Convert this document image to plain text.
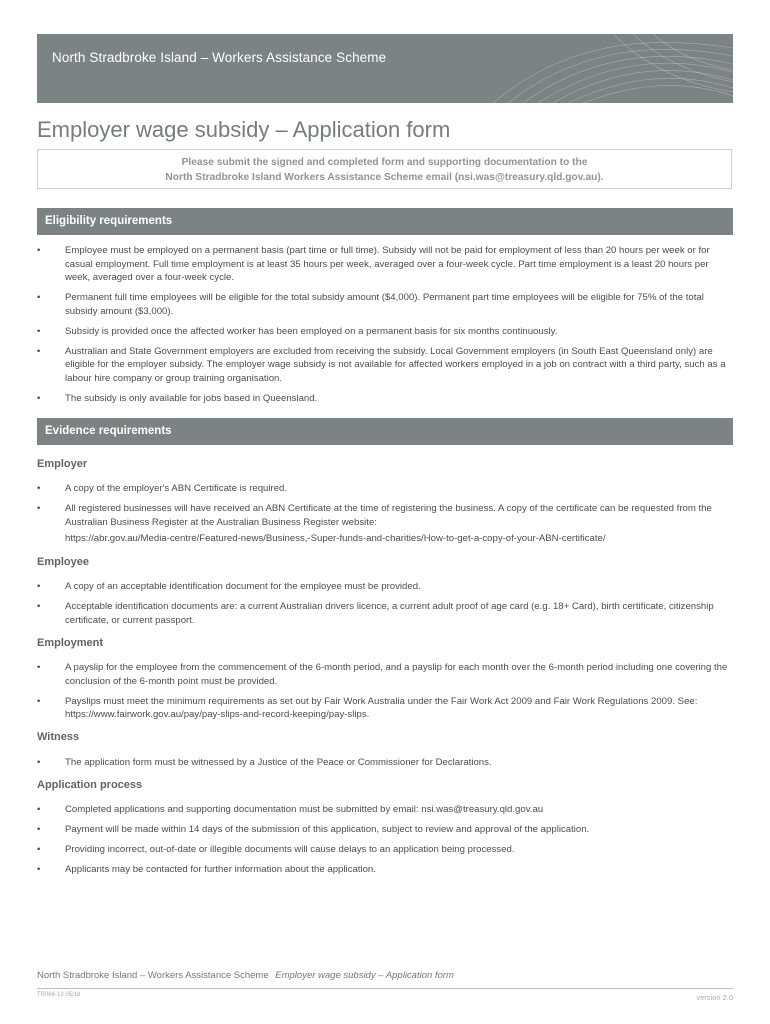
North Stradbroke Island – Workers Assistance Scheme
Employer wage subsidy – Application form
Please submit the signed and completed form and supporting documentation to the
North Stradbroke Island Workers Assistance Scheme email (nsi.was@treasury.qld.gov.au).
Eligibility requirements
• Employee must be employed on a permanent basis (part time or full time). Subsidy will not be paid for employment of less than 20 hours per week or for casual employment. Full time employment is at least 35 hours per week, averaged over a four-week cycle. Part time employment is a least 20 hours per week, averaged over a four-week cycle.
• Permanent full time employees will be eligible for the total subsidy amount ($4,000). Permanent part time employees will be eligible for 75% of the total subsidy amount ($3,000).
• Subsidy is provided once the affected worker has been employed on a permanent basis for six months continuously.
• Australian and State Government employers are excluded from receiving the subsidy. Local Government employers (in South East Queensland only) are eligible for the employer subsidy. The employer wage subsidy is not available for affected workers employed in a job on contract with a third party, such as a labour hire company or group training organisation.
• The subsidy is only available for jobs based in Queensland.
Evidence requirements
Employer
• A copy of the employer's ABN Certificate is required.
• All registered businesses will have received an ABN Certificate at the time of registering the business. A copy of the certificate can be requested from the Australian Business Register at the Australian Business Register website:
https://abr.gov.au/Media-centre/Featured-news/Business,-Super-funds-and-charities/How-to-get-a-copy-of-your-ABN-certificate/
Employee
• A copy of an acceptable identification document for the employee must be provided.
• Acceptable identification documents are: a current Australian drivers licence, a current adult proof of age card (e.g. 18+ Card), birth certificate, citizenship certificate, or current passport.
Employment
• A payslip for the employee from the commencement of the 6-month period, and a payslip for each month over the 6-month period including one covering the conclusion of the 6-month point must be provided.
• Payslips must meet the minimum requirements as set out by Fair Work Australia under the Fair Work Act 2009 and Fair Work Regulations 2009. See: https://www.fairwork.gov.au/pay/pay-slips-and-record-keeping/pay-slips.
Witness
• The application form must be witnessed by a Justice of the Peace or Commissioner for Declarations.
Application process
• Completed applications and supporting documentation must be submitted by email: nsi.was@treasury.qld.gov.au
• Payment will be made within 14 days of the submission of this application, subject to review and approval of the application.
• Providing incorrect, out-of-date or illegible documents will cause delays to an application being processed.
• Applicants may be contacted for further information about the application.
North Stradbroke Island – Workers Assistance Scheme Employer wage subsidy – Application form
TR066-12 05/18	version 2.0
